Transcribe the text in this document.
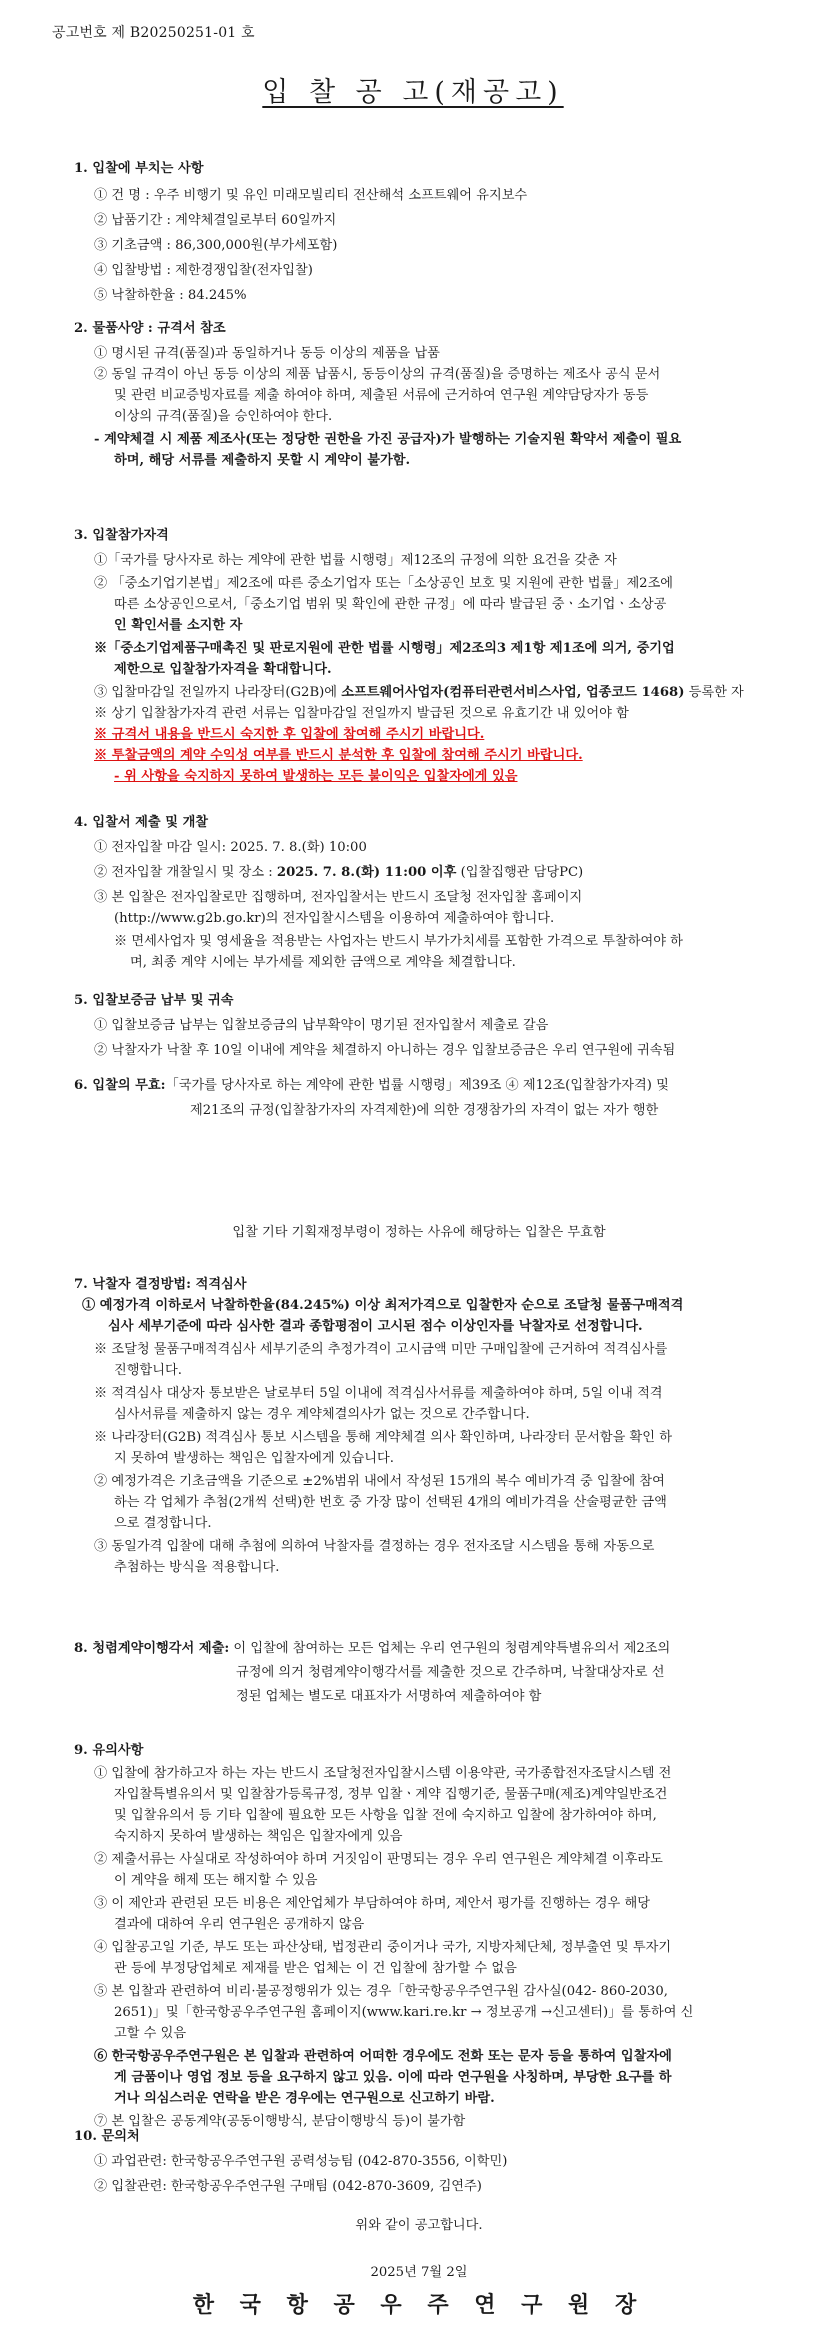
공고번호 제 B20250251-01 호
입 찰 공 고(재공고)
1. 입찰에 부치는 사항
① 건 명 : 우주 비행기 및 유인 미래모빌리티 전산해석 소프트웨어 유지보수
② 납품기간 : 계약체결일로부터 60일까지
③ 기초금액 : 86,300,000원(부가세포함)
④ 입찰방법 : 제한경쟁입찰(전자입찰)
⑤ 낙찰하한율 : 84.245%
2. 물품사양 : 규격서 참조
① 명시된 규격(품질)과 동일하거나 동등 이상의 제품을 납품
② 동일 규격이 아닌 동등 이상의 제품 납품시, 동등이상의 규격(품질)을 증명하는 제조사 공식 문서
및 관련 비교증빙자료를 제출 하여야 하며, 제출된 서류에 근거하여 연구원 계약담당자가 동등
이상의 규격(품질)을 승인하여야 한다.
- 계약체결 시 제품 제조사(또는 정당한 권한을 가진 공급자)가 발행하는 기술지원 확약서 제출이 필요
하며, 해당 서류를 제출하지 못할 시 계약이 불가함.
3. 입찰참가자격
①「국가를 당사자로 하는 계약에 관한 법률 시행령」제12조의 규정에 의한 요건을 갖춘 자
② 「중소기업기본법」제2조에 따른 중소기업자 또는「소상공인 보호 및 지원에 관한 법률」제2조에
따른 소상공인으로서,「중소기업 범위 및 확인에 관한 규정」에 따라 발급된 중ㆍ소기업ㆍ소상공
인 확인서를 소지한 자
※「중소기업제품구매촉진 및 판로지원에 관한 법률 시행령」제2조의3 제1항 제1조에 의거, 중기업
제한으로 입찰참가자격을 확대합니다.
③ 입찰마감일 전일까지 나라장터(G2B)에 소프트웨어사업자(컴퓨터관련서비스사업, 업종코드 1468) 등록한 자
※ 상기 입찰참가자격 관련 서류는 입찰마감일 전일까지 발급된 것으로 유효기간 내 있어야 함
※ 규격서 내용을 반드시 숙지한 후 입찰에 참여해 주시기 바랍니다.
※ 투찰금액의 계약 수익성 여부를 반드시 분석한 후 입찰에 참여해 주시기 바랍니다.
- 위 사항을 숙지하지 못하여 발생하는 모든 불이익은 입찰자에게 있음
4. 입찰서 제출 및 개찰
① 전자입찰 마감 일시: 2025. 7. 8.(화) 10:00
② 전자입찰 개찰일시 및 장소 : 2025. 7. 8.(화) 11:00 이후 (입찰집행관 담당PC)
③ 본 입찰은 전자입찰로만 집행하며, 전자입찰서는 반드시 조달청 전자입찰 홈페이지
(http://www.g2b.go.kr)의 전자입찰시스템을 이용하여 제출하여야 합니다.
※ 면세사업자 및 영세율을 적용받는 사업자는 반드시 부가가치세를 포함한 가격으로 투찰하여야 하
며, 최종 계약 시에는 부가세를 제외한 금액으로 계약을 체결합니다.
5. 입찰보증금 납부 및 귀속
① 입찰보증금 납부는 입찰보증금의 납부확약이 명기된 전자입찰서 제출로 갈음
② 낙찰자가 낙찰 후 10일 이내에 계약을 체결하지 아니하는 경우 입찰보증금은 우리 연구원에 귀속됨
6. 입찰의 무효:「국가를 당사자로 하는 계약에 관한 법률 시행령」제39조 ④ 제12조(입찰참가자격) 및
제21조의 규정(입찰참가자의 자격제한)에 의한 경쟁참가의 자격이 없는 자가 행한
입찰 기타 기획재정부령이 정하는 사유에 해당하는 입찰은 무효함
7. 낙찰자 결정방법: 적격심사
① 예정가격 이하로서 낙찰하한율(84.245%) 이상 최저가격으로 입찰한자 순으로 조달청 물품구매적격
심사 세부기준에 따라 심사한 결과 종합평점이 고시된 점수 이상인자를 낙찰자로 선정합니다.
※ 조달청 물품구매적격심사 세부기준의 추정가격이 고시금액 미만 구매입찰에 근거하여 적격심사를
진행합니다.
※ 적격심사 대상자 통보받은 날로부터 5일 이내에 적격심사서류를 제출하여야 하며, 5일 이내 적격
심사서류를 제출하지 않는 경우 계약체결의사가 없는 것으로 간주합니다.
※ 나라장터(G2B) 적격심사 통보 시스템을 통해 계약체결 의사 확인하며, 나라장터 문서함을 확인 하
지 못하여 발생하는 책임은 입찰자에게 있습니다.
② 예정가격은 기초금액을 기준으로 ±2%범위 내에서 작성된 15개의 복수 예비가격 중 입찰에 참여
하는 각 업체가 추첨(2개씩 선택)한 번호 중 가장 많이 선택된 4개의 예비가격을 산술평균한 금액
으로 결정합니다.
③ 동일가격 입찰에 대해 추첨에 의하여 낙찰자를 결정하는 경우 전자조달 시스템을 통해 자동으로
추첨하는 방식을 적용합니다.
8. 청렴계약이행각서 제출: 이 입찰에 참여하는 모든 업체는 우리 연구원의 청렴계약특별유의서 제2조의
규정에 의거 청렴계약이행각서를 제출한 것으로 간주하며, 낙찰대상자로 선
정된 업체는 별도로 대표자가 서명하여 제출하여야 함
9. 유의사항
① 입찰에 참가하고자 하는 자는 반드시 조달청전자입찰시스템 이용약관, 국가종합전자조달시스템 전
자입찰특별유의서 및 입찰참가등록규정, 정부 입찰ㆍ계약 집행기준, 물품구매(제조)계약일반조건
및 입찰유의서 등 기타 입찰에 필요한 모든 사항을 입찰 전에 숙지하고 입찰에 참가하여야 하며,
숙지하지 못하여 발생하는 책임은 입찰자에게 있음
② 제출서류는 사실대로 작성하여야 하며 거짓임이 판명되는 경우 우리 연구원은 계약체결 이후라도
이 계약을 해제 또는 해지할 수 있음
③ 이 제안과 관련된 모든 비용은 제안업체가 부담하여야 하며, 제안서 평가를 진행하는 경우 해당
결과에 대하여 우리 연구원은 공개하지 않음
④ 입찰공고일 기준, 부도 또는 파산상태, 법정관리 중이거나 국가, 지방자체단체, 정부출연 및 투자기
관 등에 부정당업체로 제재를 받은 업체는 이 건 입찰에 참가할 수 없음
⑤ 본 입찰과 관련하여 비리·불공정행위가 있는 경우「한국항공우주연구원 감사실(042- 860-2030,
2651)」및「한국항공우주연구원 홈페이지(www.kari.re.kr → 정보공개 →신고센터)」를 통하여 신
고할 수 있음
⑥ 한국항공우주연구원은 본 입찰과 관련하여 어떠한 경우에도 전화 또는 문자 등을 통하여 입찰자에
게 금품이나 영업 정보 등을 요구하지 않고 있음. 이에 따라 연구원을 사칭하며, 부당한 요구를 하
거나 의심스러운 연락을 받은 경우에는 연구원으로 신고하기 바람.
⑦ 본 입찰은 공동계약(공동이행방식, 분담이행방식 등)이 불가함
10. 문의처
① 과업관련: 한국항공우주연구원 공력성능팀 (042-870-3556, 이학민)
② 입찰관련: 한국항공우주연구원 구매팀 (042-870-3609, 김연주)
위와 같이 공고합니다.
2025년 7월 2일
한 국 항 공 우 주 연 구 원 장
